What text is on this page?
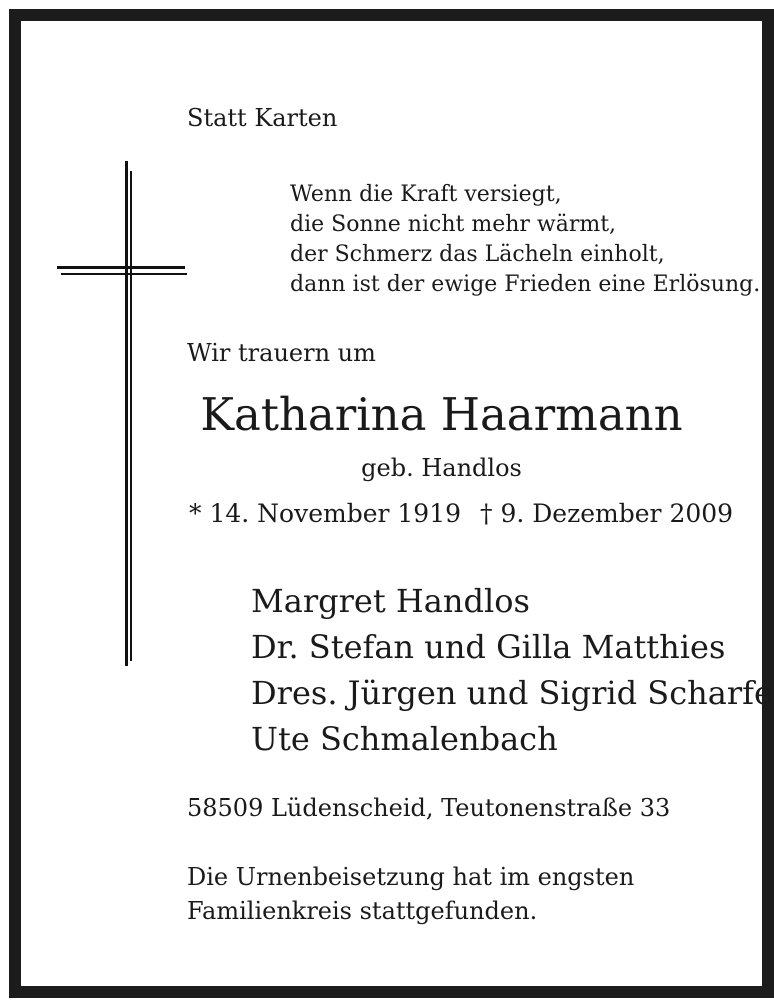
Statt Karten
Wenn die Kraft versiegt,
die Sonne nicht mehr wärmt,
der Schmerz das Lächeln einholt,
dann ist der ewige Frieden eine Erlösung.
Wir trauern um
Katharina Haarmann
geb. Handlos
* 14. November 1919 † 9. Dezember 2009
Margret Handlos
Dr. Stefan und Gilla Matthies
Dres. Jürgen und Sigrid Scharfe
Ute Schmalenbach
58509 Lüdenscheid, Teutonenstraße 33
Die Urnenbeisetzung hat im engsten
Familienkreis stattgefunden.
